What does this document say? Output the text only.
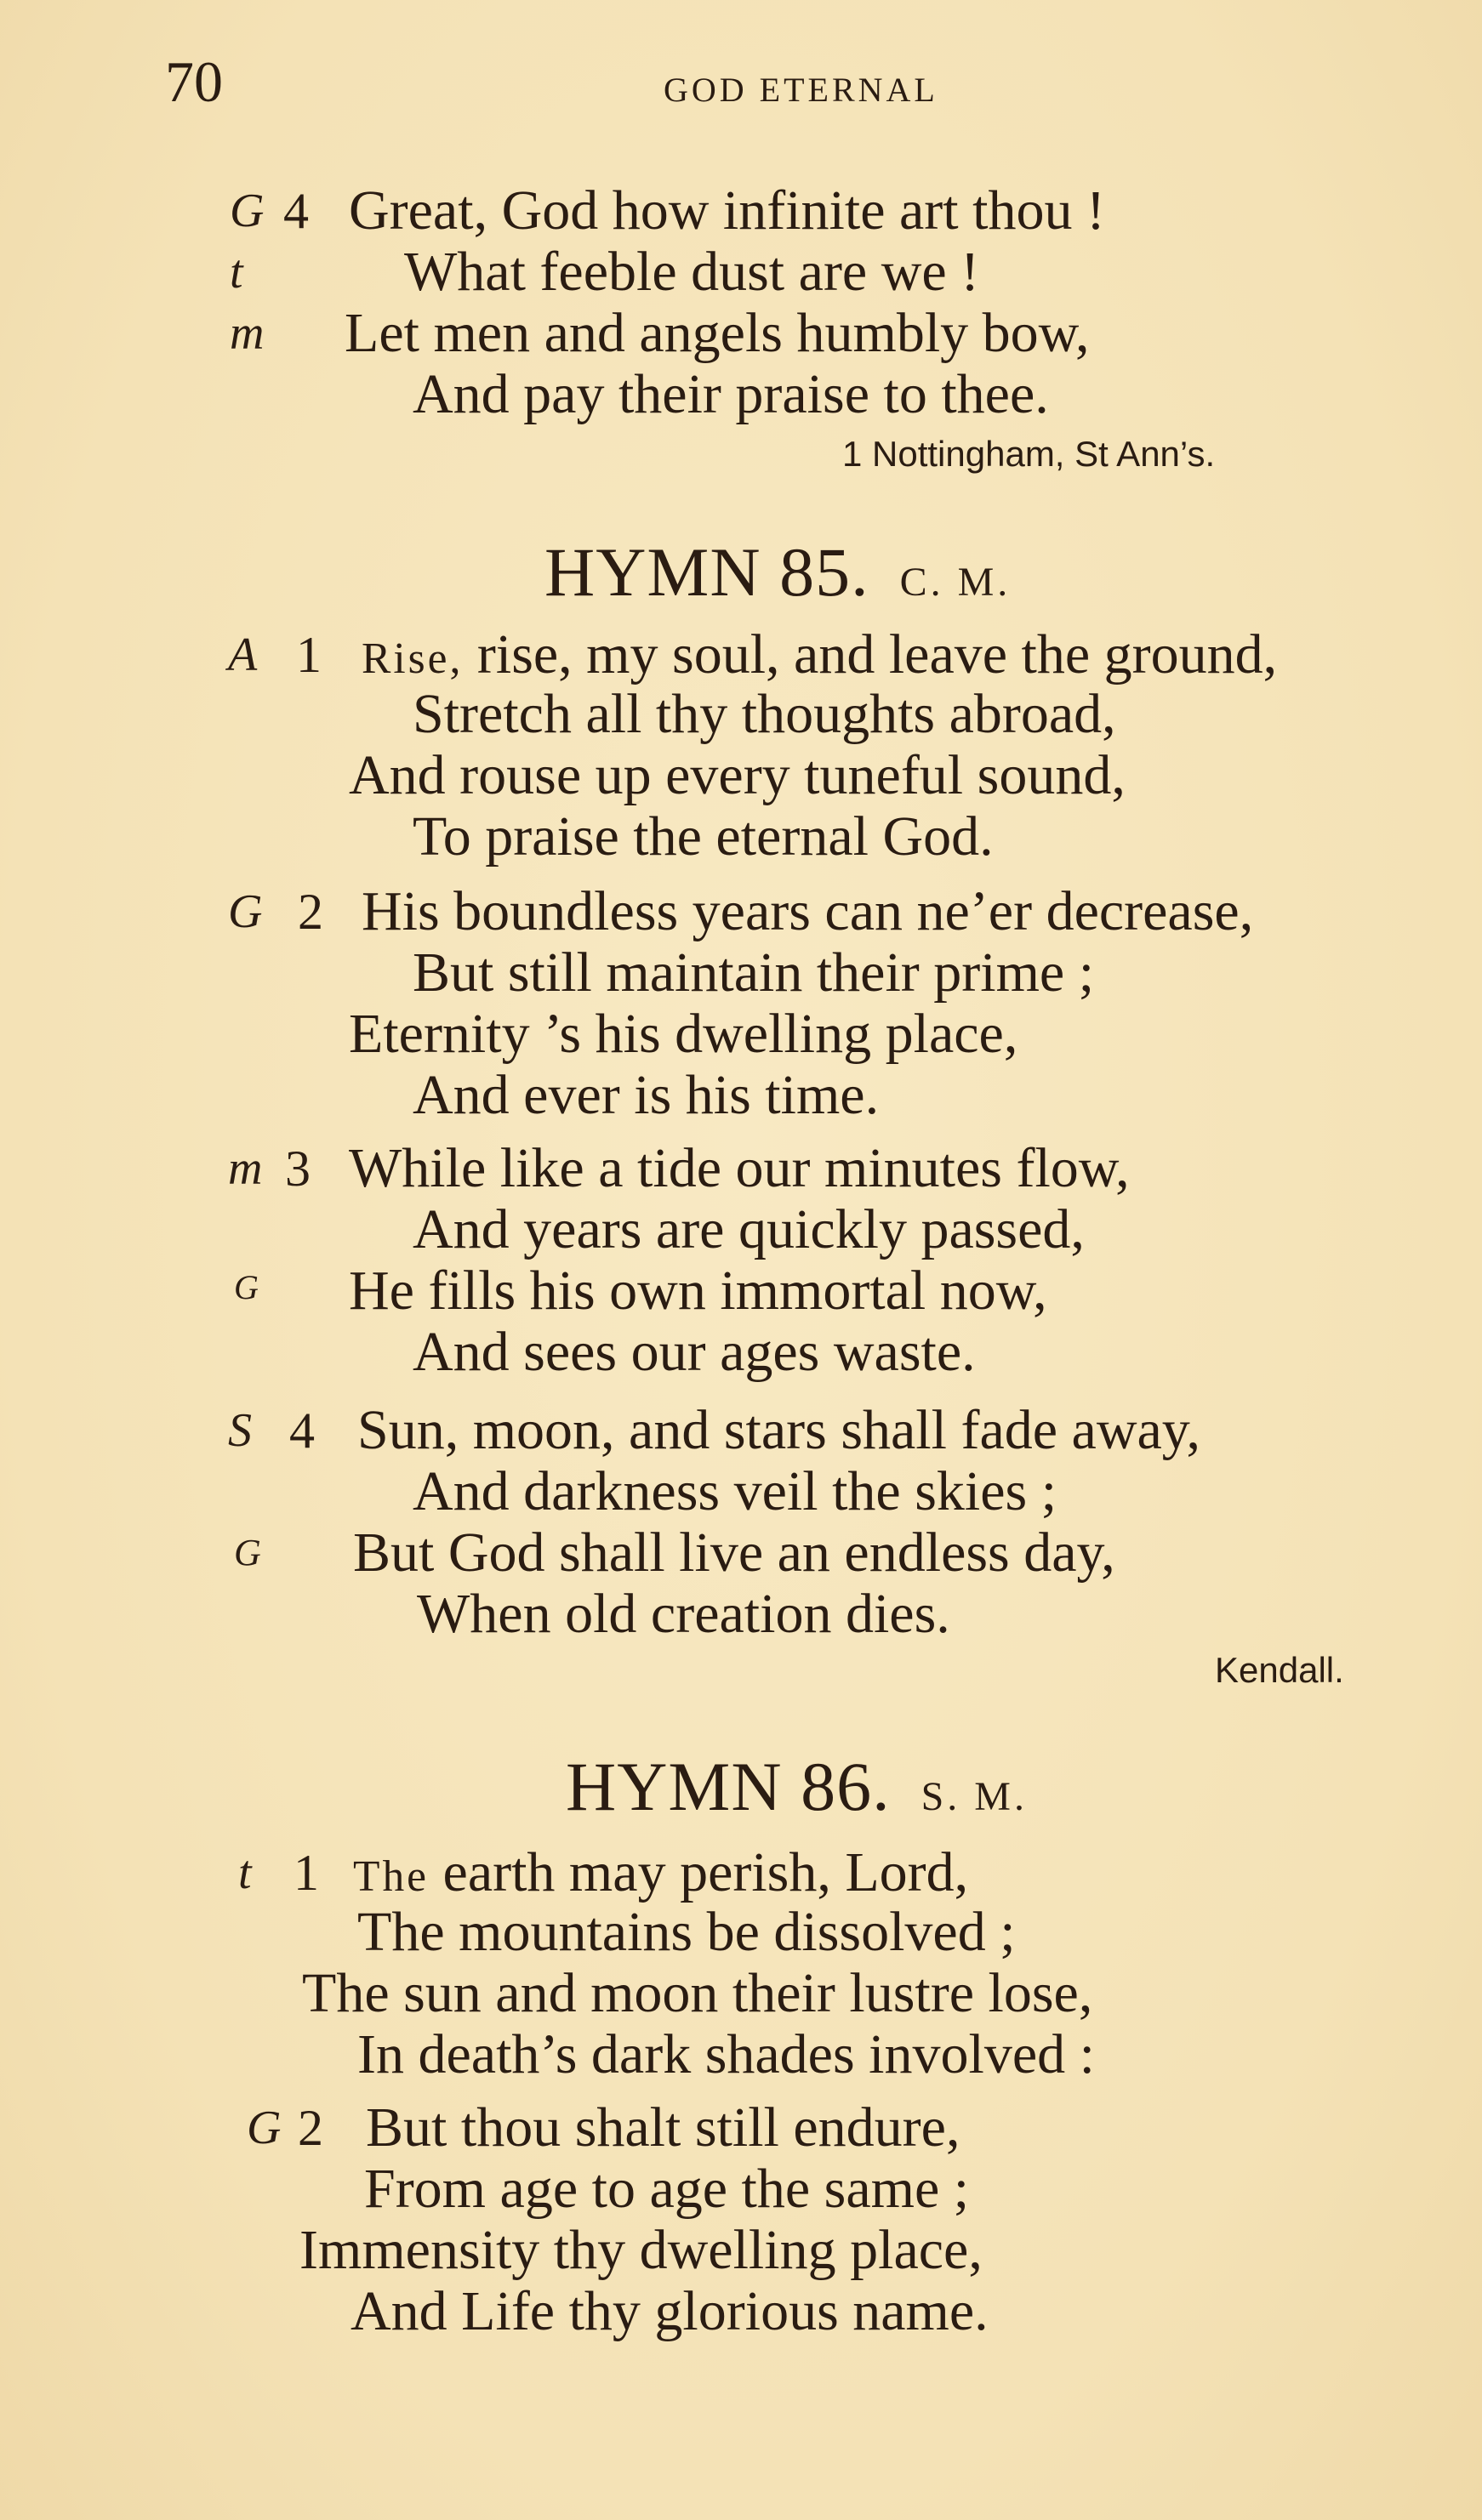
70	GOD ETERNAL
G 4 Great, God how infinite art thou !
t	What feeble dust are we !
m Let men and angels humbly bow,
And pay their praise to thee.
1 Nottingham, St Ann’s.
HYMN 85. C. M.
A 1 Rise, rise, my soul, and leave the ground,
Stretch all thy thoughts abroad,
And rouse up every tuneful sound,
To praise the eternal God.
G 2 His boundless years can ne’er decrease,
But still maintain their prime ;
Eternity ’s his dwelling place,
And ever is his time.
m 3 While like a tide our minutes flow,
And years are quickly passed,
G He fills his own immortal now,
And sees our ages waste.
S 4 Sun, moon, and stars shall fade away,
And darkness veil the skies ;
G But God shall live an endless day,
When old creation dies.
Kendall.
HYMN 86. S. M.
t 1 The earth may perish, Lord,
The mountains be dissolved ;
The sun and moon their lustre lose,
In death’s dark shades involved :
G 2 But thou shalt still endure,
From age to age the same ;
Immensity thy dwelling place,
And Life thy glorious name.
